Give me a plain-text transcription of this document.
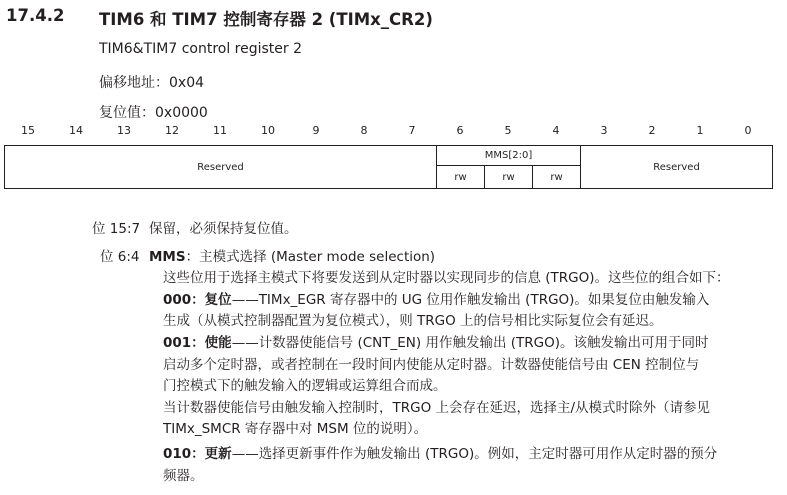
17.4.2 TIM6 和 TIM7 控制寄存器 2 (TIMx_CR2)
TIM6&TIM7 control register 2
偏移地址：0x04
复位值：0x0000
15	14	13	12	11	10	9	8	7	6	5	4	3	2	1	0
Reserved	MMS[2:0]			Reserved
	rw	rw	rw	
位 15:7 保留，必须保持复位值。
位 6:4 MMS：主模式选择 (Master mode selection)
这些位用于选择主模式下将要发送到从定时器以实现同步的信息 (TRGO)。这些位的组合如下：
000：复位——TIMx_EGR 寄存器中的 UG 位用作触发输出 (TRGO)。如果复位由触发输入
生成（从模式控制器配置为复位模式），则 TRGO 上的信号相比实际复位会有延迟。
001：使能——计数器使能信号 (CNT_EN) 用作触发输出 (TRGO)。该触发输出可用于同时
启动多个定时器，或者控制在一段时间内使能从定时器。计数器使能信号由 CEN 控制位与
门控模式下的触发输入的逻辑或运算组合而成。
当计数器使能信号由触发输入控制时，TRGO 上会存在延迟，选择主/从模式时除外（请参见
TIMx_SMCR 寄存器中对 MSM 位的说明）。
010：更新——选择更新事件作为触发输出 (TRGO)。例如，主定时器可用作从定时器的预分
频器。
